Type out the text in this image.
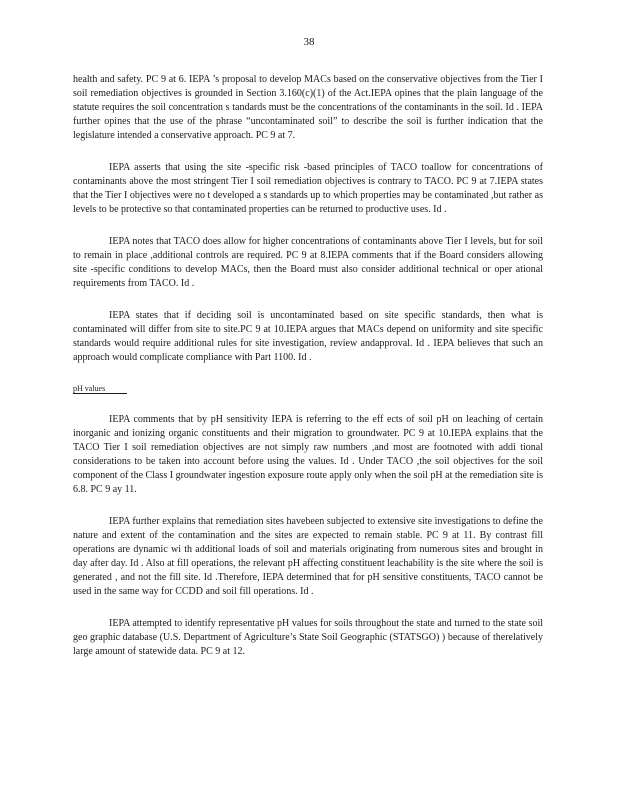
38

health and safety. PC 9 at 6. IEPA ’s proposal to develop MACs based on the conservative objectives from the Tier I soil remediation objectives is grounded in Section 3.160(c)(1) of the Act.IEPA opines that the plain language of the statute requires the soil concentration s tandards must be the concentrations of the contaminants in the soil. Id . IEPA further opines that the use of the phrase “uncontaminated soil” to describe the soil is further indication that the legislature intended a conservative approach. PC 9 at 7.

IEPA asserts that using the site -specific risk -based principles of TACO toallow for concentrations of contaminants above the most stringent Tier I soil remediation objectives is contrary to TACO. PC 9 at 7.IEPA states that the Tier I objectives were no t developed a s standards up to which properties may be contaminated ,but rather as levels to be protective so that contaminated properties can be returned to productive uses. Id .

IEPA notes that TACO does allow for higher concentrations of contaminants above Tier I levels, but for soil to remain in place ,additional controls are required. PC 9 at 8.IEPA comments that if the Board considers allowing site -specific conditions to develop MACs, then the Board must also consider additional technical or oper ational requirements from TACO. Id .

IEPA states that if deciding soil is uncontaminated based on site specific standards, then what is contaminated will differ from site to site.PC 9 at 10.IEPA argues that MACs depend on uniformity and site specific standards would require additional rules for site investigation, review andapproval. Id . IEPA believes that such an approach would complicate compliance with Part 1100. Id .

pH values

IEPA comments that by pH sensitivity IEPA is referring to the eff ects of soil pH on leaching of certain inorganic and ionizing organic constituents and their migration to groundwater. PC 9 at 10.IEPA explains that the TACO Tier I soil remediation objectives are not simply raw numbers ,and most are footnoted with addi tional considerations to be taken into account before using the values. Id . Under TACO ,the soil objectives for the soil component of the Class I groundwater ingestion exposure route apply only when the soil pH at the remediation site is 6.8. PC 9 ay 11.

IEPA further explains that remediation sites havebeen subjected to extensive site investigations to define the nature and extent of the contamination and the sites are expected to remain stable. PC 9 at 11. By contrast fill operations are dynamic wi th additional loads of soil and materials originating from numerous sites and brought in day after day. Id . Also at fill operations, the relevant pH affecting constituent leachability is the site where the soil is generated , and not the fill site. Id .Therefore, IEPA determined that for pH sensitive constituents, TACO cannot be used in the same way for CCDD and soil fill operations. Id .

IEPA attempted to identify representative pH values for soils throughout the state and turned to the state soil geo graphic database (U.S. Department of Agriculture’s State Soil Geographic (STATSGO) ) because of therelatively large amount of statewide data. PC 9 at 12.
